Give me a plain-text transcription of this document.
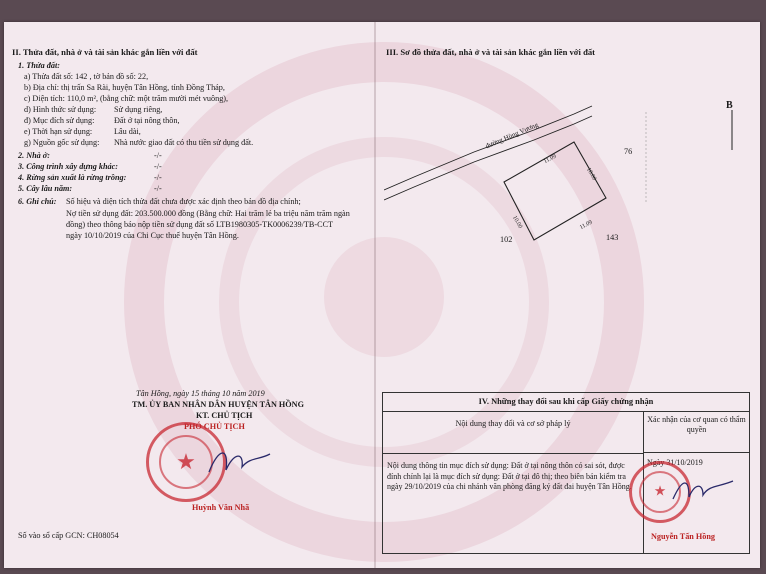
II. Thửa đất, nhà ở và tài sản khác gắn liền với đất
1. Thửa đất:
a) Thửa đất số: 142 , tờ bản đồ số: 22,
b) Địa chỉ: thị trấn Sa Rài, huyện Tân Hồng, tỉnh Đồng Tháp,
c) Diện tích: 110,0 m², (bằng chữ: một trăm mười mét vuông),
d) Hình thức sử dụng: Sử dụng riêng,
đ) Mục đích sử dụng: Đất ở tại nông thôn,
e) Thời hạn sử dụng:	Lâu dài,
g) Nguồn gốc sử dụng: Nhà nước giao đất có thu tiền sử dụng đất.
2. Nhà ở:	-/-
3. Công trình xây dựng khác:	-/-
4. Rừng sản xuất là rừng trồng:	-/-
5. Cây lâu năm:	-/-
6. Ghi chú: Số hiệu và diện tích thửa đất chưa được xác định theo bản đồ địa chính;
Nợ tiền sử dụng đất: 203.500.000 đồng (Bằng chữ: Hai trăm lẻ ba triệu năm trăm ngàn
đồng) theo thông báo nộp tiền sử dụng đất số LTB1980305-TK0006239/TB-CCT
ngày 10/10/2019 của Chi Cục thuế huyện Tân Hồng.
Tân Hồng, ngày 15 tháng 10 năm 2019
TM. ỦY BAN NHÂN DÂN HUYỆN TÂN HỒNG
KT. CHỦ TỊCH
PHÓ CHỦ TỊCH
★
Huỳnh Văn Nhã
Số vào sổ cấp GCN: CH08054
III. Sơ đồ thửa đất, nhà ở và tài sản khác gắn liền với đất
đường Hùng Vương
11.09
10.00
10.00	11.09
76
102	143
B
IV. Những thay đổi sau khi cấp Giấy chứng nhận
Nội dung thay đổi và cơ sở pháp lý	Xác nhận của cơ quan có thẩm quyền
Nội dung thông tin mục đích sử dụng: Đất ở tại nông thôn có sai sót, được đính chính lại là mục đích sử dụng: Đất ở tại đô thị; theo biên bản kiểm tra ngày 29/10/2019 của chi nhánh văn phòng đăng ký đất đai huyện Tân Hồng.
Ngày 31/10/2019
★
Nguyễn Tấn Hồng
